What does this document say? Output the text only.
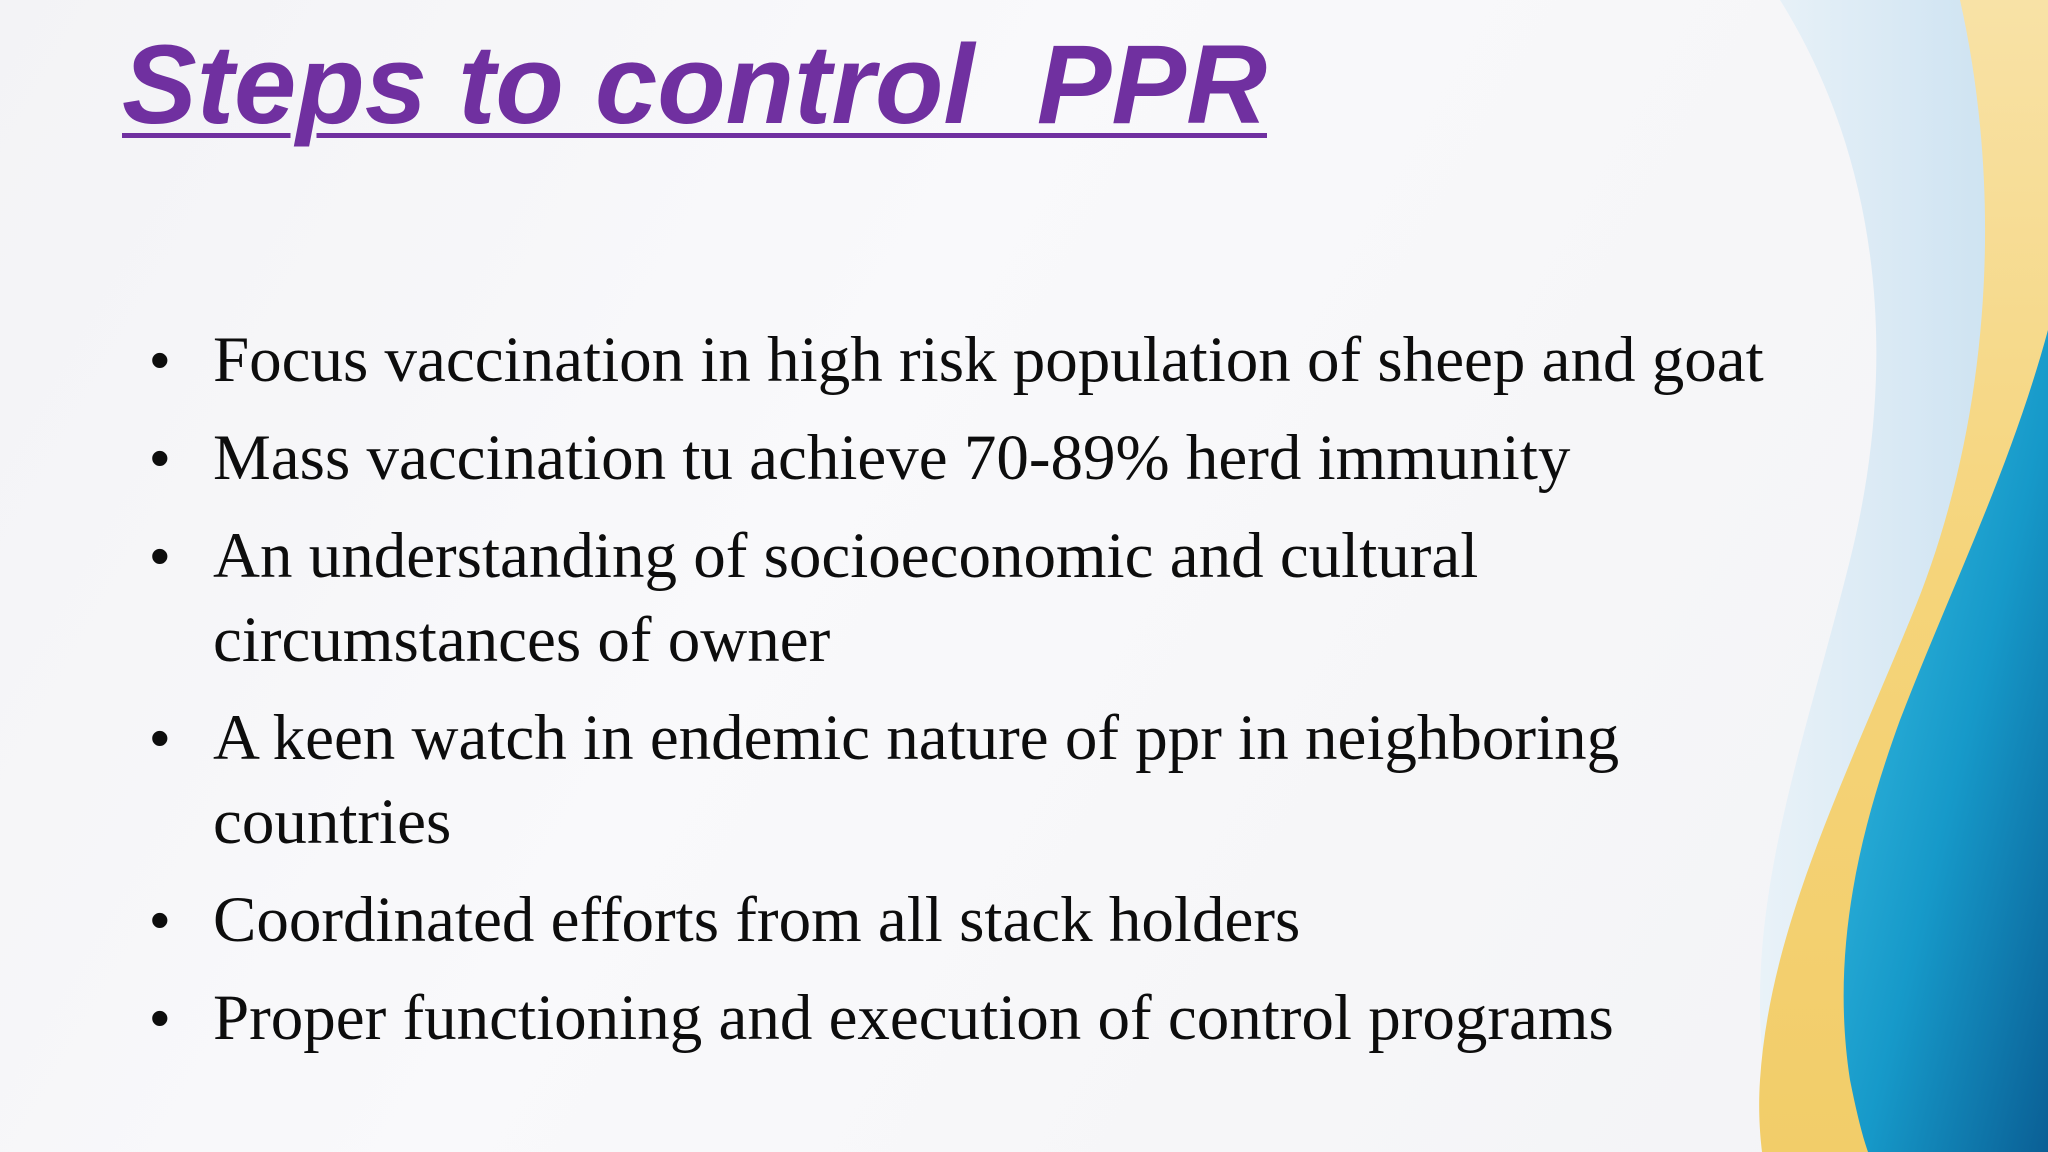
Steps to control  PPR
• Focus vaccination in high risk population of sheep and goat
• Mass vaccination tu achieve 70-89% herd immunity
• An understanding of socioeconomic and cultural circumstances of owner
• A keen watch in endemic nature of ppr in neighboring countries
• Coordinated efforts from all stack holders
• Proper functioning and execution of control programs
